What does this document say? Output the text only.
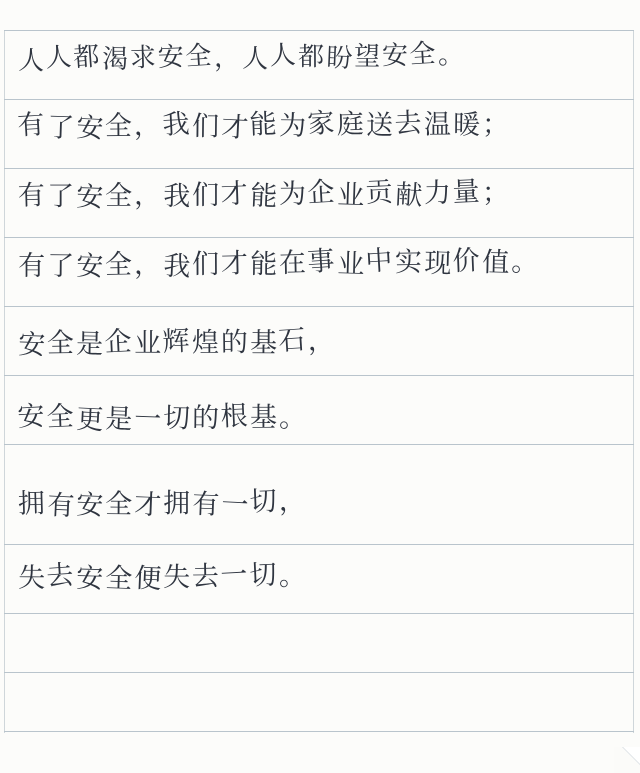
人人都渴求安全，人人都盼望安全。
有了安全，我们才能为家庭送去温暖；
有了安全，我们才能为企业贡献力量；
有了安全，我们才能在事业中实现价值。
安全是企业辉煌的基石，
安全更是一切的根基。
拥有安全才拥有一切，
失去安全便失去一切。
